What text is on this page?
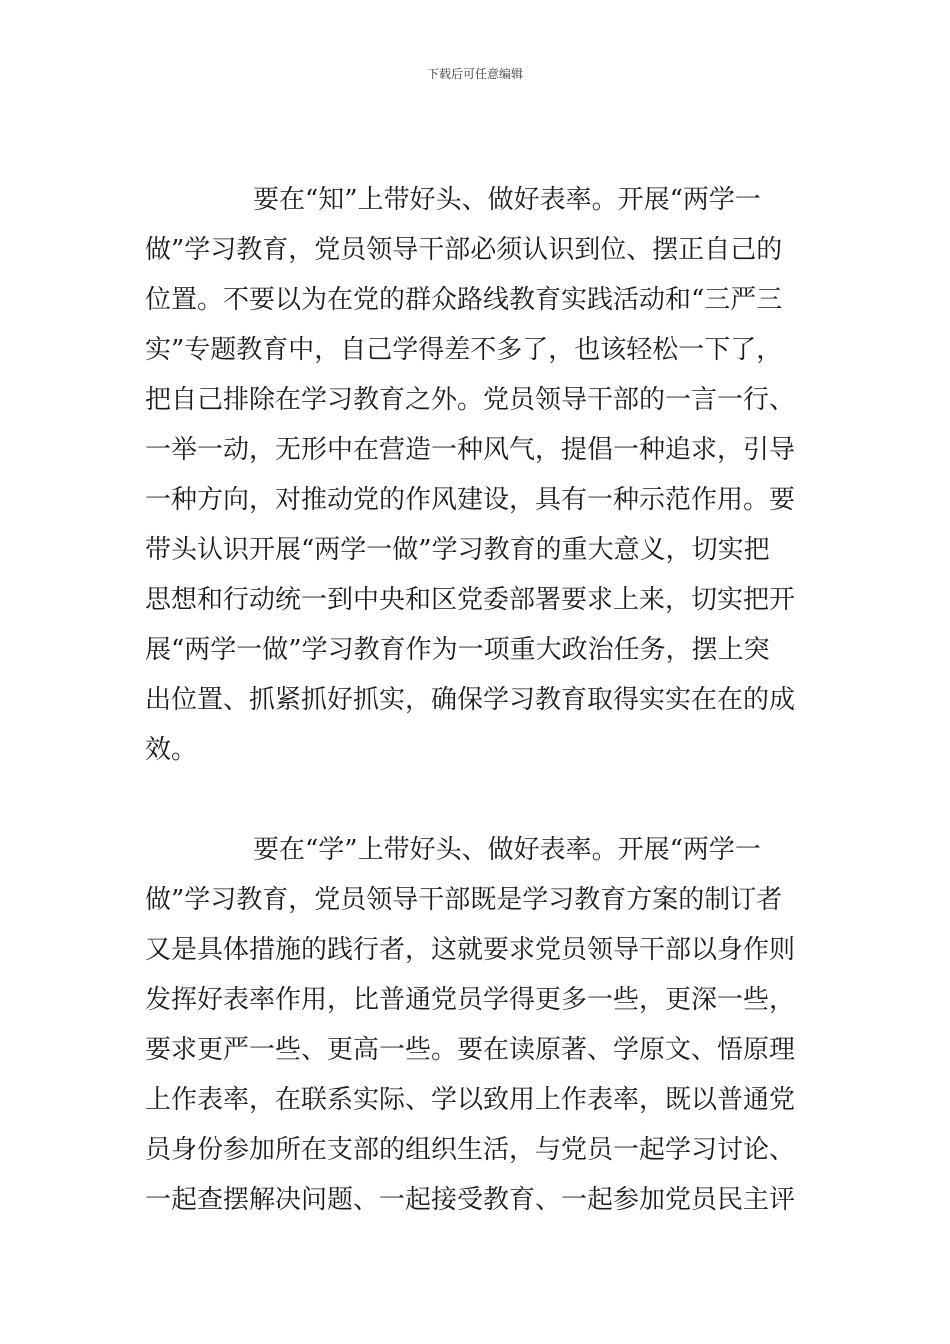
下载后可任意编辑
要在“知”上带好头、做好表率。开展“两学一
做”学习教育，党员领导干部必须认识到位、摆正自己的
位置。不要以为在党的群众路线教育实践活动和“三严三
实”专题教育中，自己学得差不多了，也该轻松一下了，
把自己排除在学习教育之外。党员领导干部的一言一行、
一举一动，无形中在营造一种风气，提倡一种追求，引导
一种方向，对推动党的作风建设，具有一种示范作用。要
带头认识开展“两学一做”学习教育的重大意义，切实把
思想和行动统一到中央和区党委部署要求上来，切实把开
展“两学一做”学习教育作为一项重大政治任务，摆上突
出位置、抓紧抓好抓实，确保学习教育取得实实在在的成
效。
要在“学”上带好头、做好表率。开展“两学一
做”学习教育，党员领导干部既是学习教育方案的制订者
又是具体措施的践行者，这就要求党员领导干部以身作则
发挥好表率作用，比普通党员学得更多一些，更深一些，
要求更严一些、更高一些。要在读原著、学原文、悟原理
上作表率，在联系实际、学以致用上作表率，既以普通党
员身份参加所在支部的组织生活，与党员一起学习讨论、
一起查摆解决问题、一起接受教育、一起参加党员民主评
